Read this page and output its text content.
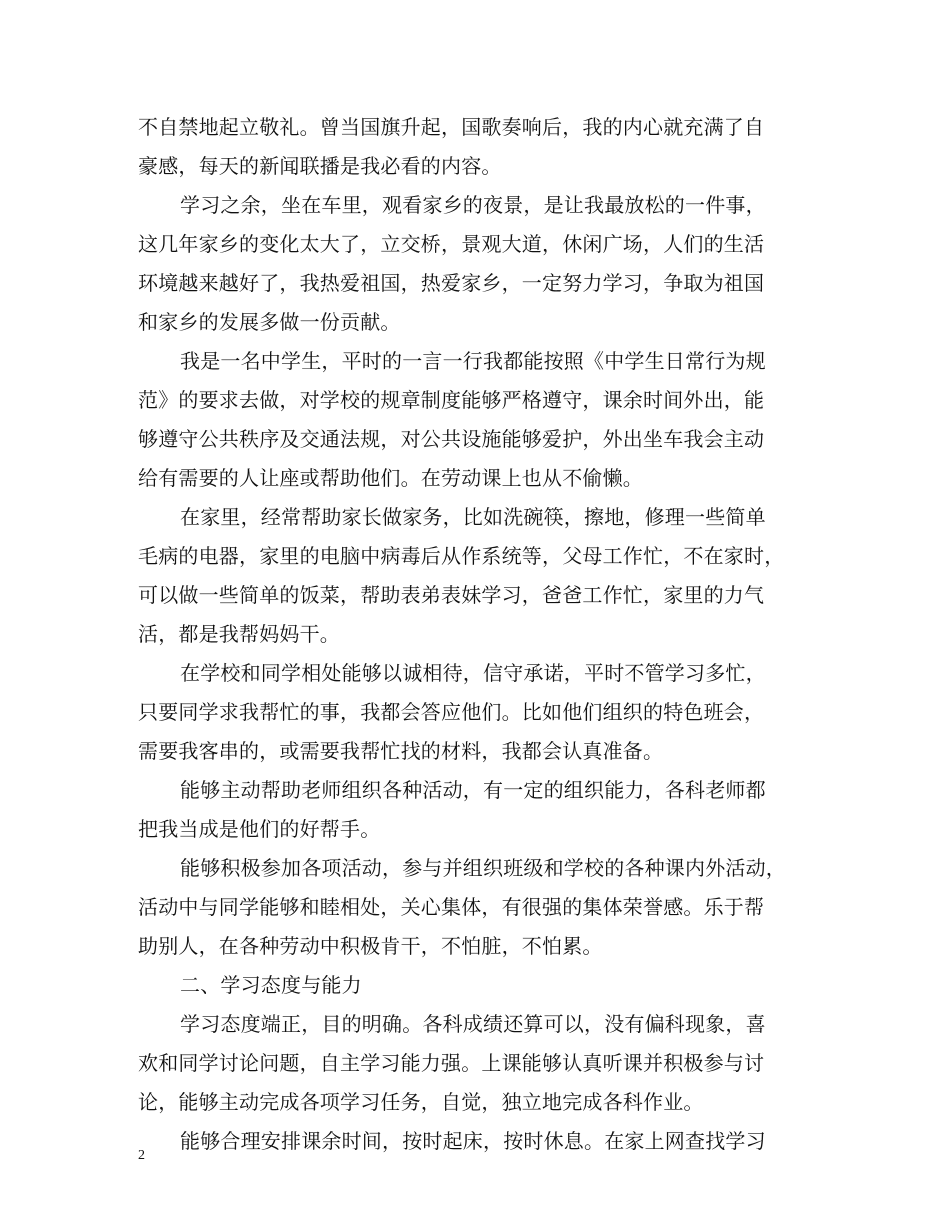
不自禁地起立敬礼。曾当国旗升起，国歌奏响后，我的内心就充满了自
豪感，每天的新闻联播是我必看的内容。
学习之余，坐在车里，观看家乡的夜景，是让我最放松的一件事，
这几年家乡的变化太大了，立交桥，景观大道，休闲广场，人们的生活
环境越来越好了，我热爱祖国，热爱家乡，一定努力学习，争取为祖国
和家乡的发展多做一份贡献。
我是一名中学生，平时的一言一行我都能按照《中学生日常行为规
范》的要求去做，对学校的规章制度能够严格遵守，课余时间外出，能
够遵守公共秩序及交通法规，对公共设施能够爱护，外出坐车我会主动
给有需要的人让座或帮助他们。在劳动课上也从不偷懒。
在家里，经常帮助家长做家务，比如洗碗筷，擦地，修理一些简单
毛病的电器，家里的电脑中病毒后从作系统等，父母工作忙，不在家时，
可以做一些简单的饭菜，帮助表弟表妹学习，爸爸工作忙，家里的力气
活，都是我帮妈妈干。
在学校和同学相处能够以诚相待，信守承诺，平时不管学习多忙，
只要同学求我帮忙的事，我都会答应他们。比如他们组织的特色班会，
需要我客串的，或需要我帮忙找的材料，我都会认真准备。
能够主动帮助老师组织各种活动，有一定的组织能力，各科老师都
把我当成是他们的好帮手。
能够积极参加各项活动，参与并组织班级和学校的各种课内外活动，
活动中与同学能够和睦相处，关心集体，有很强的集体荣誉感。乐于帮
助别人，在各种劳动中积极肯干，不怕脏，不怕累。
二、学习态度与能力
学习态度端正，目的明确。各科成绩还算可以，没有偏科现象，喜
欢和同学讨论问题，自主学习能力强。上课能够认真听课并积极参与讨
论，能够主动完成各项学习任务，自觉，独立地完成各科作业。
能够合理安排课余时间，按时起床，按时休息。在家上网查找学习
2
